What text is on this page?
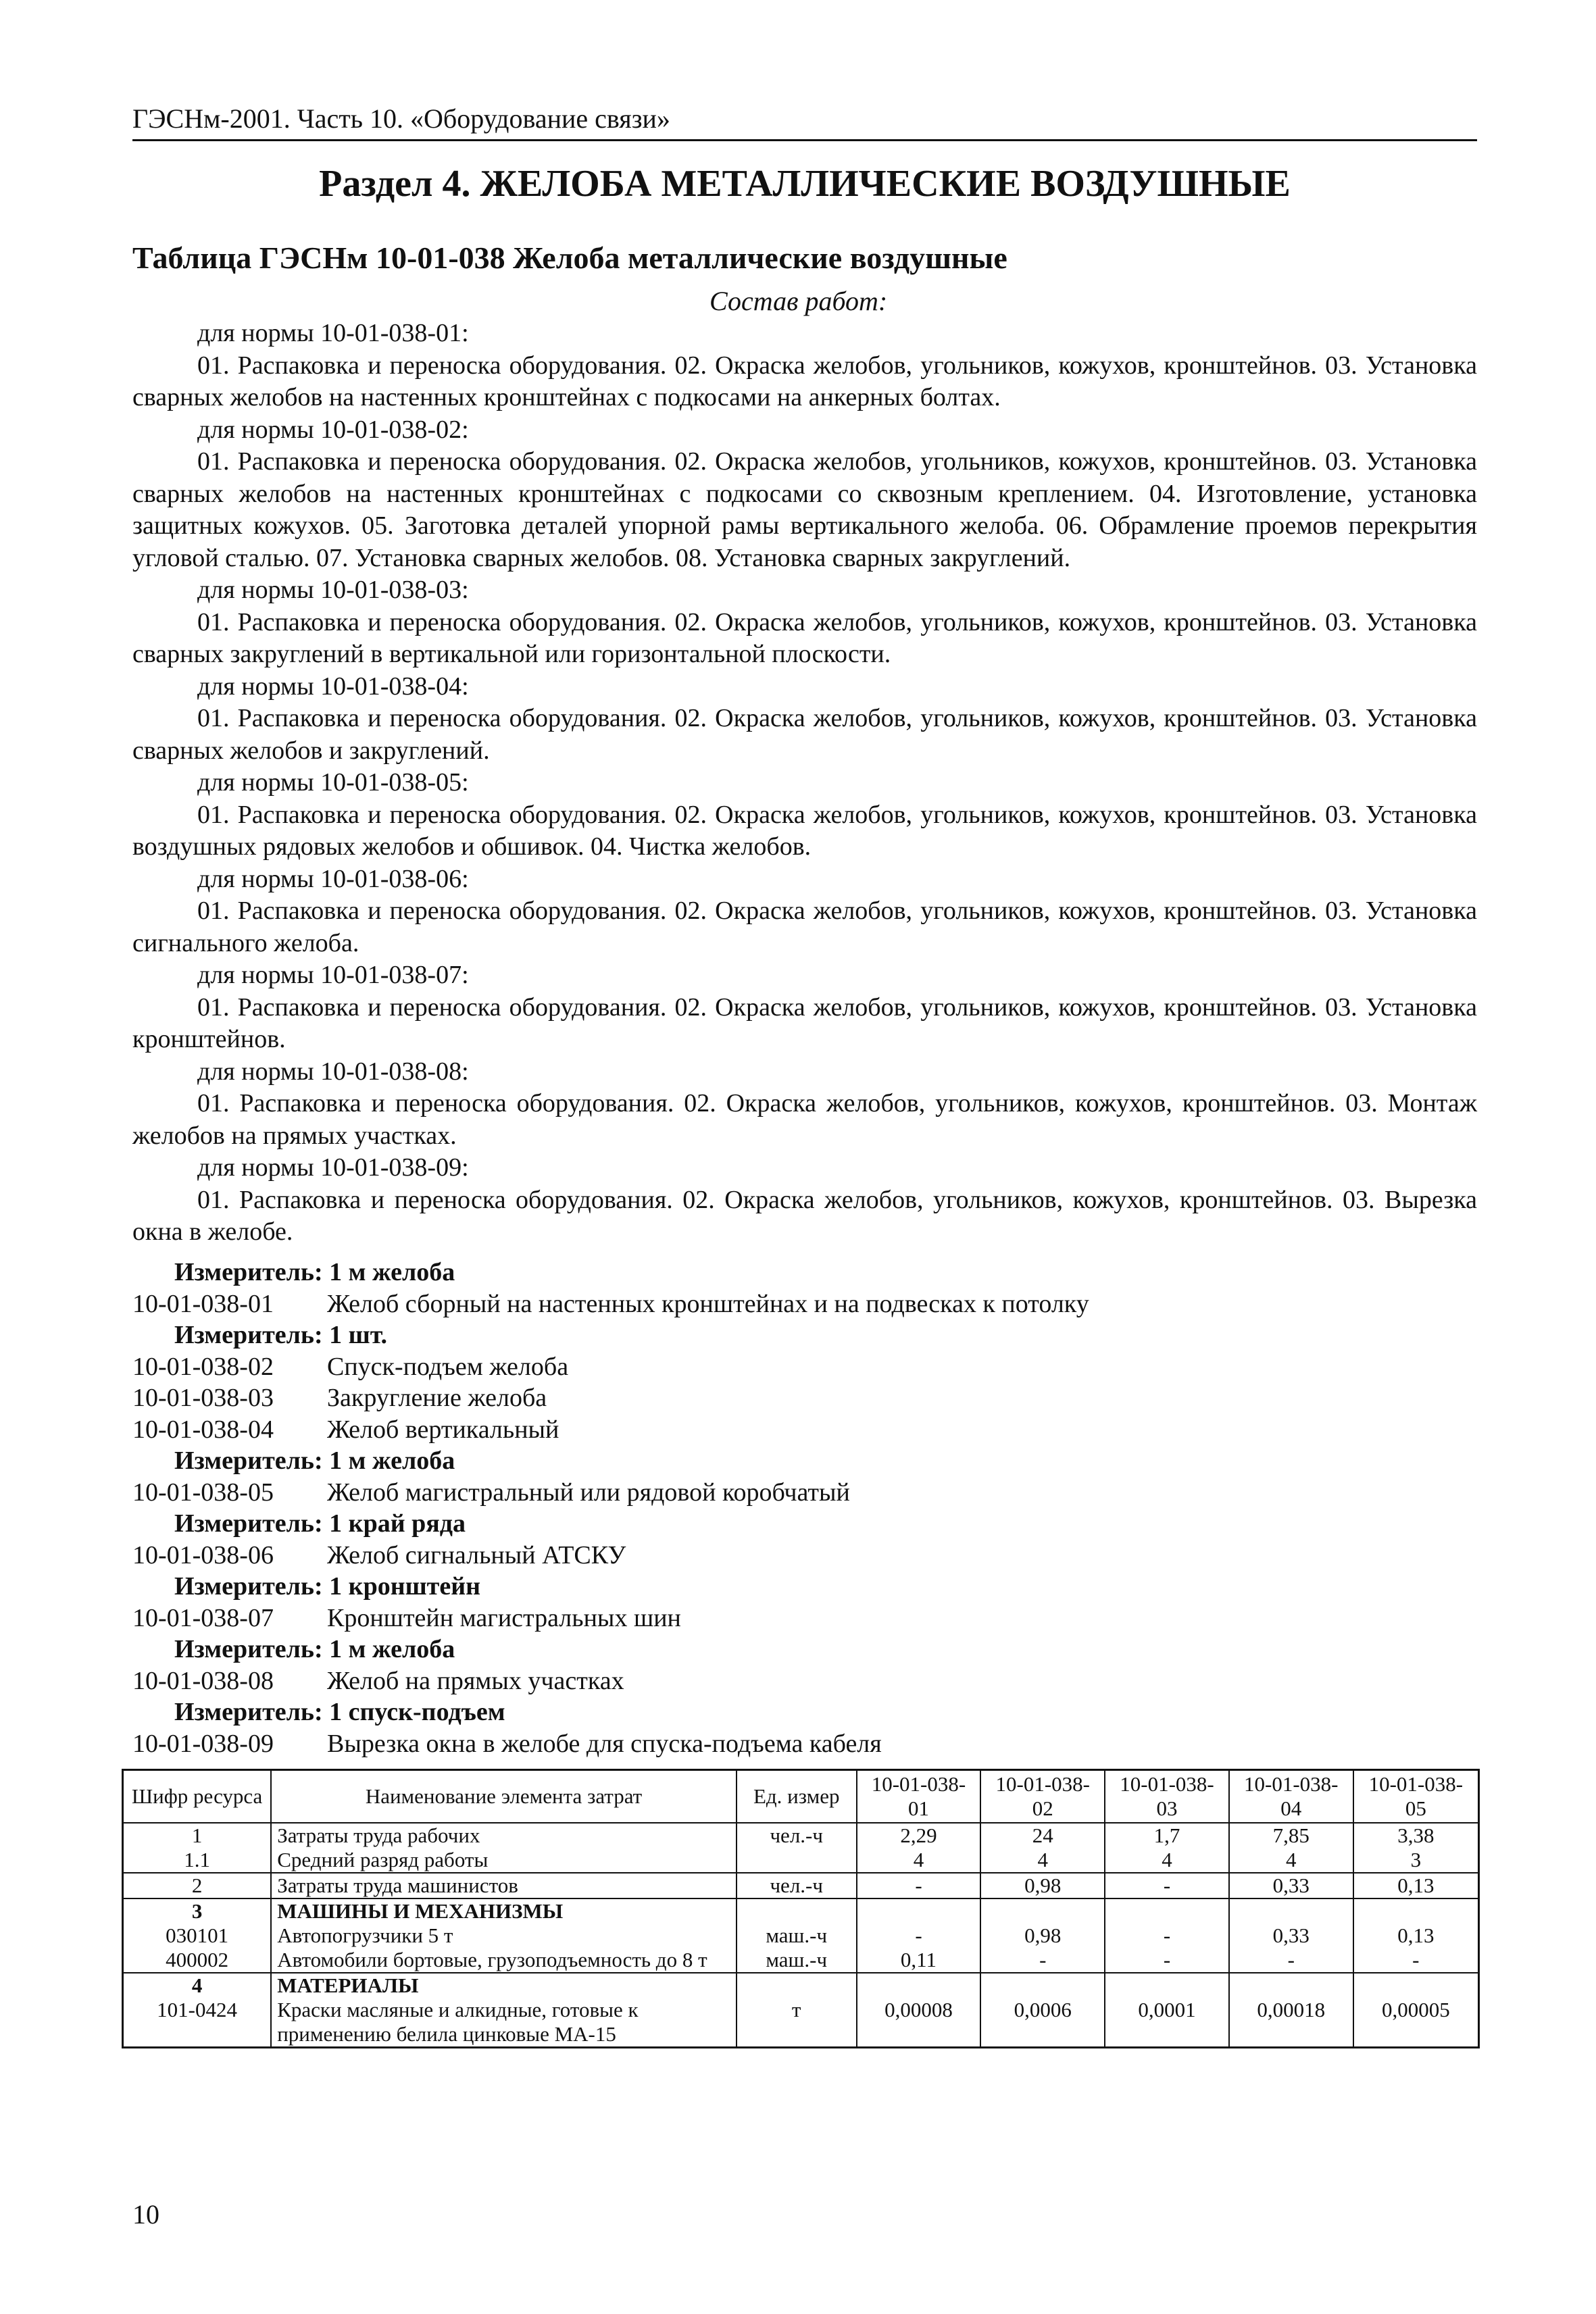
ГЭСНм-2001. Часть 10. «Оборудование связи»
Раздел 4. ЖЕЛОБА МЕТАЛЛИЧЕСКИЕ ВОЗДУШНЫЕ
Таблица ГЭСНм 10-01-038 Желоба металлические воздушные
Состав работ:
для нормы 10-01-038-01:

01. Распаковка и переноска оборудования. 02. Окраска желобов, угольников, кожухов, кронштейнов. 03. Установка сварных желобов на настенных кронштейнах с подкосами на анкерных болтах.

для нормы 10-01-038-02:

01. Распаковка и переноска оборудования. 02. Окраска желобов, угольников, кожухов, кронштейнов. 03. Установка сварных желобов на настенных кронштейнах с подкосами со сквозным креплением. 04. Изготовление, установка защитных кожухов. 05. Заготовка деталей упорной рамы вертикального желоба. 06. Обрамление проемов перекрытия угловой сталью. 07. Установка сварных желобов. 08. Установка сварных закруглений.

для нормы 10-01-038-03:

01. Распаковка и переноска оборудования. 02. Окраска желобов, угольников, кожухов, кронштейнов. 03. Установка сварных закруглений в вертикальной или горизонтальной плоскости.

для нормы 10-01-038-04:

01. Распаковка и переноска оборудования. 02. Окраска желобов, угольников, кожухов, кронштейнов. 03. Установка сварных желобов и закруглений.

для нормы 10-01-038-05:

01. Распаковка и переноска оборудования. 02. Окраска желобов, угольников, кожухов, кронштейнов. 03. Установка воздушных рядовых желобов и обшивок. 04. Чистка желобов.

для нормы 10-01-038-06:

01. Распаковка и переноска оборудования. 02. Окраска желобов, угольников, кожухов, кронштейнов. 03. Установка сигнального желоба.

для нормы 10-01-038-07:

01. Распаковка и переноска оборудования. 02. Окраска желобов, угольников, кожухов, кронштейнов. 03. Установка кронштейнов.

для нормы 10-01-038-08:

01. Распаковка и переноска оборудования. 02. Окраска желобов, угольников, кожухов, кронштейнов. 03. Монтаж желобов на прямых участках.

для нормы 10-01-038-09:

01. Распаковка и переноска оборудования. 02. Окраска желобов, угольников, кожухов, кронштейнов. 03. Вырезка окна в желобе.

Измеритель: 1 м желоба
10-01-038-01	Желоб сборный на настенных кронштейнах и на подвесках к потолку
Измеритель: 1 шт.
10-01-038-02	Спуск-подъем желоба
10-01-038-03	Закругление желоба
10-01-038-04	Желоб вертикальный
Измеритель: 1 м желоба
10-01-038-05	Желоб магистральный или рядовой коробчатый
Измеритель: 1 край ряда
10-01-038-06	Желоб сигнальный АТСКУ
Измеритель: 1 кронштейн
10-01-038-07	Кронштейн магистральных шин
Измеритель: 1 м желоба
10-01-038-08	Желоб на прямых участках
Измеритель: 1 спуск-подъем
10-01-038-09	Вырезка окна в желобе для спуска-подъема кабеля
Шифр ресурса	Наименование элемента затрат	Ед. измер	10-01-038-01	10-01-038-02	10-01-038-03	10-01-038-04	10-01-038-05
1	Затраты труда рабочих	чел.-ч	2,29	24	1,7	7,85	3,38
1.1	Средний разряд работы		4	4	4	4	3
2	Затраты труда машинистов	чел.-ч	-	0,98	-	0,33	0,13
3	МАШИНЫ И МЕХАНИЗМЫ						
030101	Автопогрузчики 5 т	маш.-ч	-	0,98	-	0,33	0,13
400002	Автомобили бортовые, грузоподъемность до 8 т	маш.-ч	0,11	-	-	-	-
4	МАТЕРИАЛЫ						
101-0424	Краски масляные и алкидные, готовые к применению белила цинковые МА-15	т	0,00008	0,0006	0,0001	0,00018	0,00005
10
